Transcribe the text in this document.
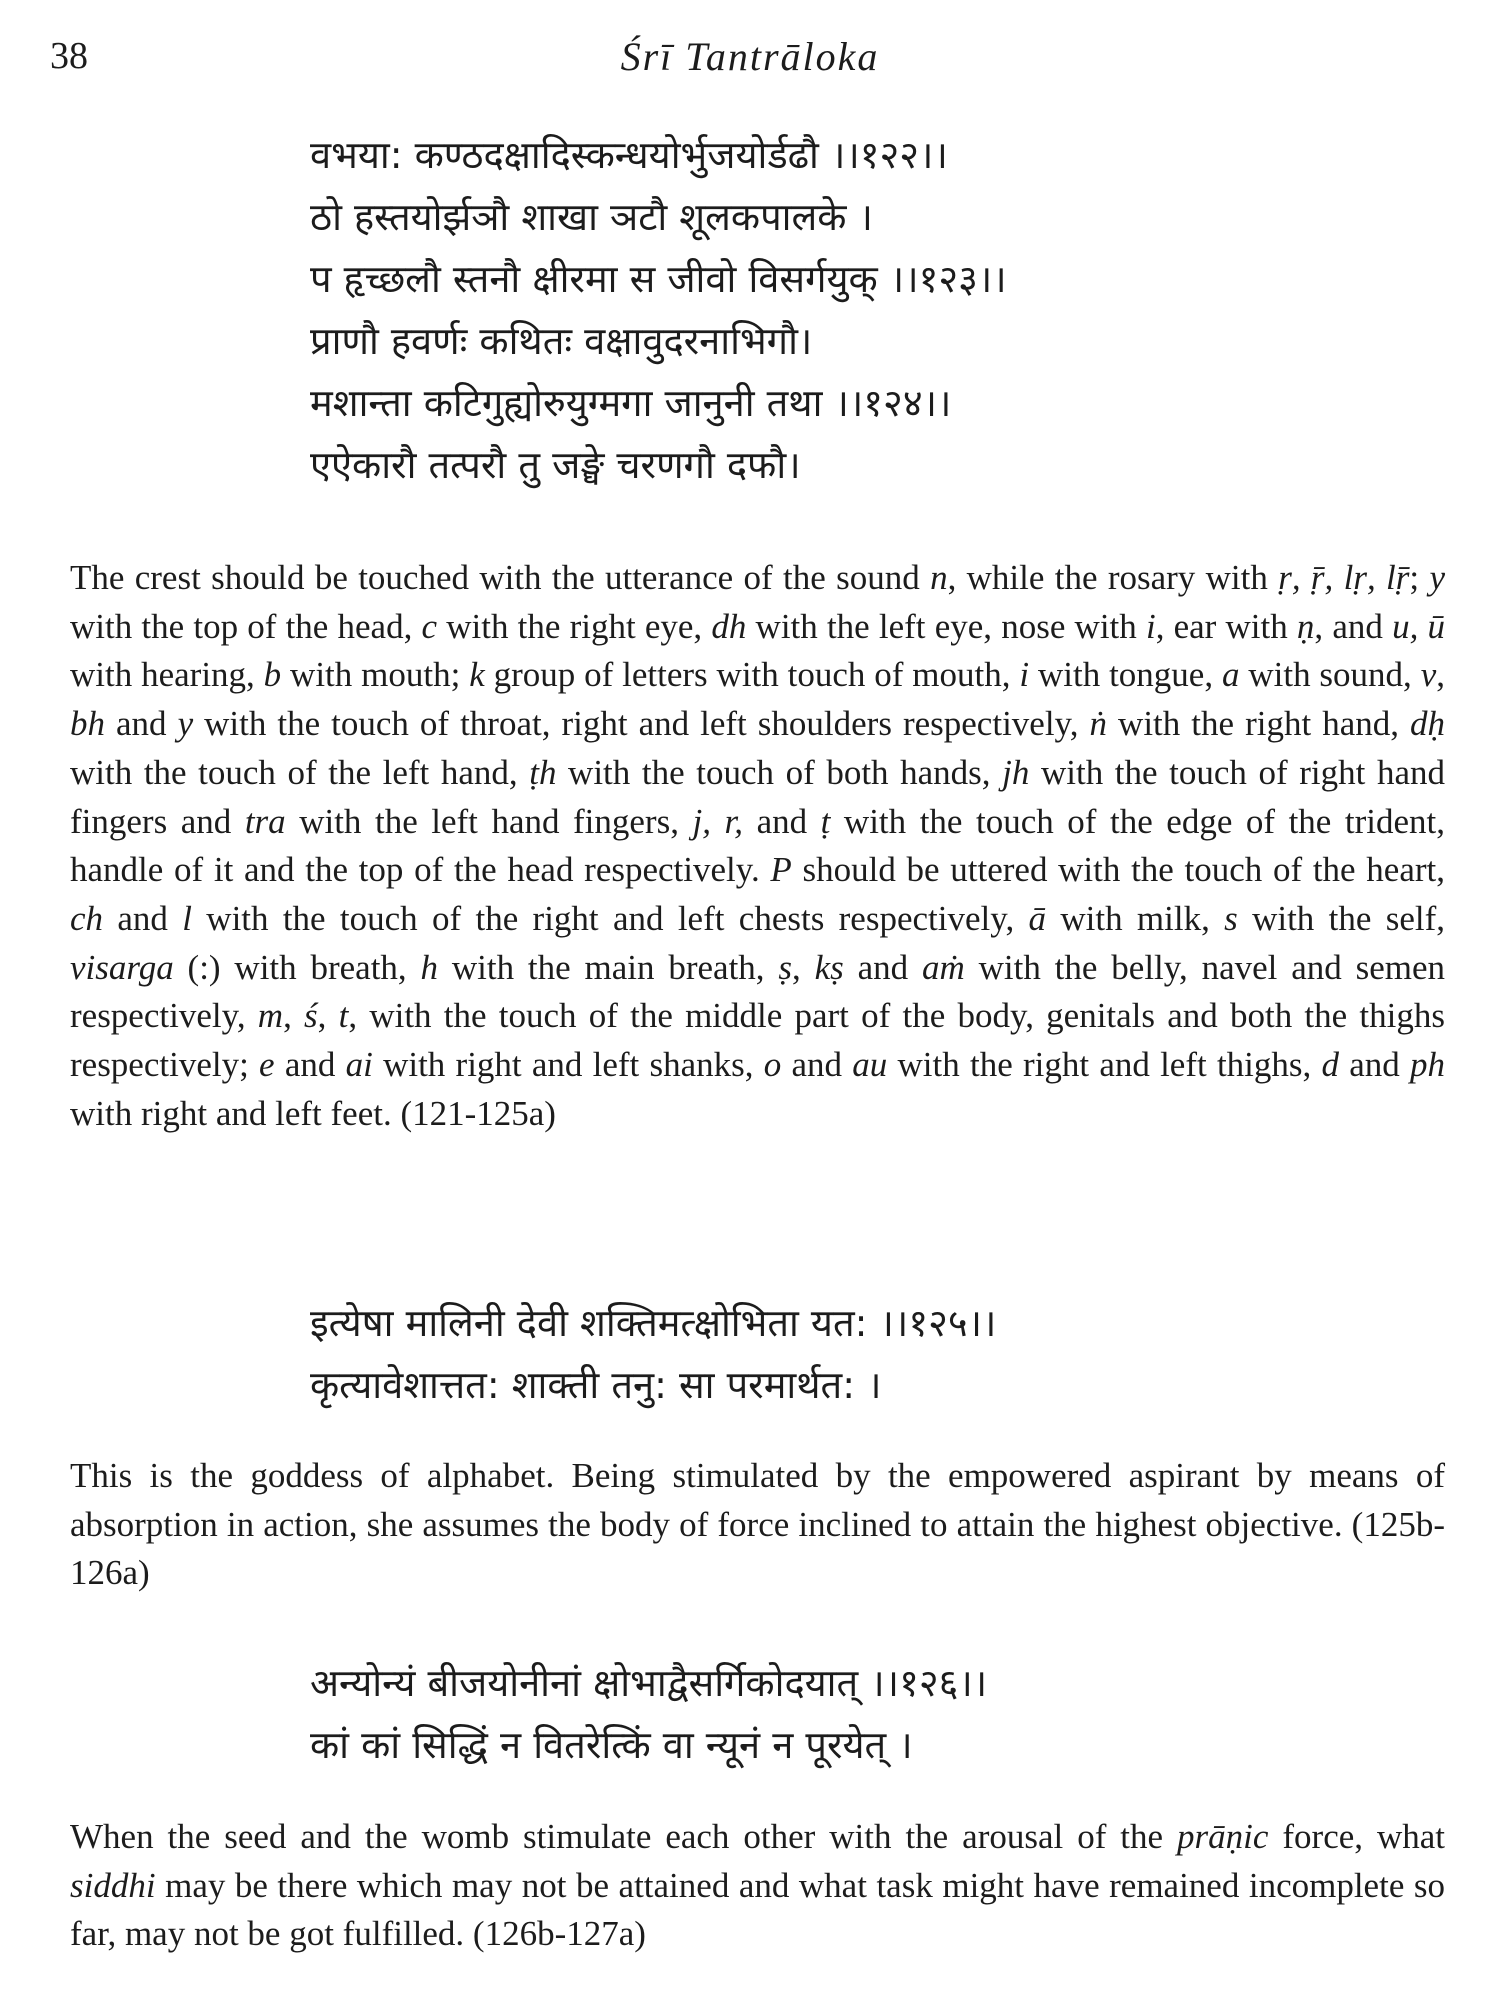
38	Śrī Tantrāloka
वभया: कण्ठदक्षादिस्कन्धयोर्भुजयोर्डढौ ।।१२२।।
ठो हस्तयोर्झञौ शाखा ञटौ शूलकपालके ।
प हृच्छलौ स्तनौ क्षीरमा स जीवो विसर्गयुक् ।।१२३।।
प्राणौ हवर्णः कथितः वक्षावुदरनाभिगौ।
मशान्ता कटिगुह्योरुयुग्मगा जानुनी तथा ।।१२४।।
एऐकारौ तत्परौ तु जङ्घे चरणगौ दफौ।
The crest should be touched with the utterance of the sound n, while the rosary with ṛ, ṝ, lṛ, lṝ; y with the top of the head, c with the right eye, dh with the left eye, nose with i, ear with ṇ, and u, ū with hearing, b with mouth; k group of letters with touch of mouth, i with tongue, a with sound, v, bh and y with the touch of throat, right and left shoulders respectively, ṅ with the right hand, dḥ with the touch of the left hand, ṭh with the touch of both hands, jh with the touch of right hand fingers and tra with the left hand fingers, j, r, and ṭ with the touch of the edge of the trident, handle of it and the top of the head respectively. P should be uttered with the touch of the heart, ch and l with the touch of the right and left chests respectively, ā with milk, s with the self, visarga (:) with breath, h with the main breath, ṣ, kṣ and aṁ with the belly, navel and semen respectively, m, ś, t, with the touch of the middle part of the body, genitals and both the thighs respectively; e and ai with right and left shanks, o and au with the right and left thighs, d and ph with right and left feet. (121-125a)
इत्येषा मालिनी देवी शक्तिमत्क्षोभिता यत: ।।१२५।।
कृत्यावेशात्तत: शाक्ती तनु: सा परमार्थत: ।
This is the goddess of alphabet. Being stimulated by the empowered aspirant by means of absorption in action, she assumes the body of force inclined to attain the highest objective. (125b-126a)
अन्योन्यं बीजयोनीनां क्षोभाद्वैसर्गिकोदयात् ।।१२६।।
कां कां सिद्धिं न वितरेत्किं वा न्यूनं न पूरयेत् ।
When the seed and the womb stimulate each other with the arousal of the prāṇic force, what siddhi may be there which may not be attained and what task might have remained incomplete so far, may not be got fulfilled. (126b-127a)
